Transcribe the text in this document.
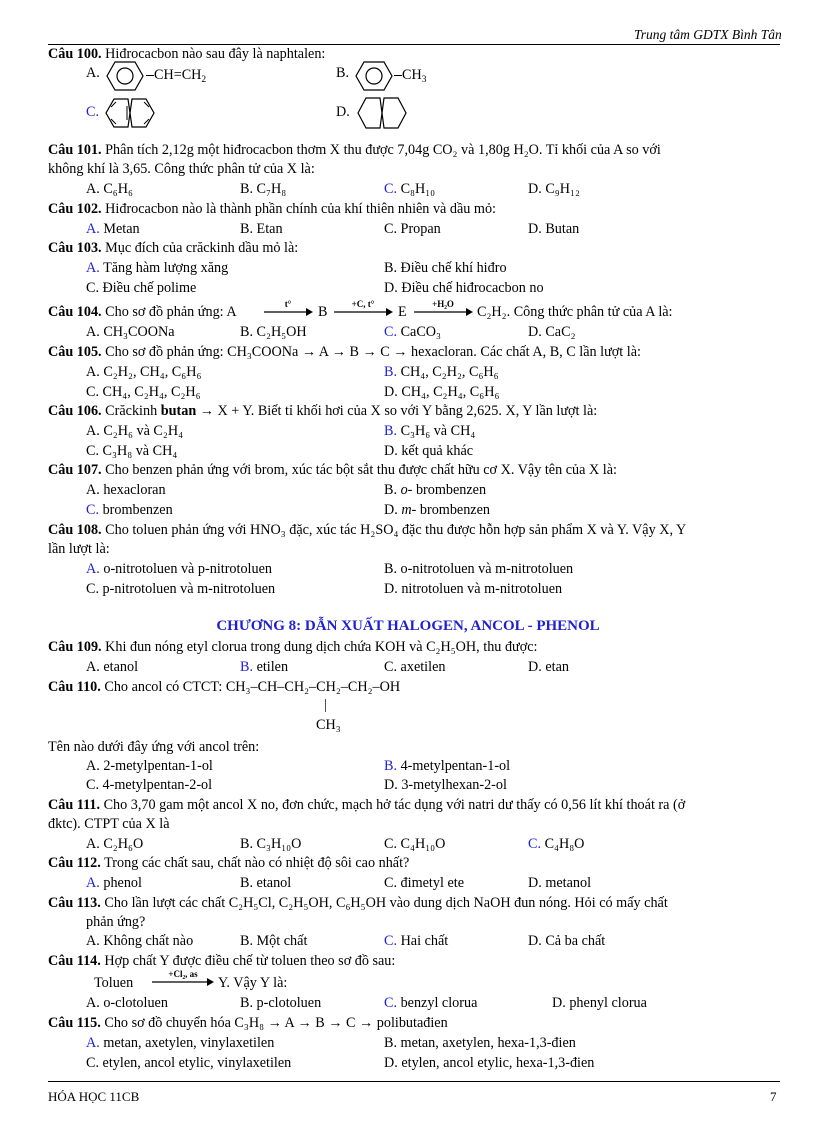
Trung tâm GDTX Bình Tân
Câu 100. Hiđrocacbon nào sau đây là naphtalen:
A.	$CH=CH_2$	B.	$CH_3$
C.	D.
Câu 101. Phân tích 2,12g một hiđrocacbon thơm X thu được 7,04g CO₂ và 1,80g H₂O. Tỉ khối của A so với
không khí là 3,65. Công thức phân tử của X là:
A. C₆H₆	B. C₇H₈	C. C₈H₁₀	D. C₉H₁₂
Câu 102. Hiđrocacbon nào là thành phần chính của khí thiên nhiên và dầu mỏ:
A. Metan	B. Etan	C. Propan	D. Butan
Câu 103. Mục đích của crăckinh dầu mỏ là:
A. Tăng hàm lượng xăng	B. Điều chế khí hiđro
C. Điều chế polime	D. Điều chế hiđrocacbon no
Câu 104. Cho sơ đồ phản ứng: A	t° B	+C, t° E	+H₂O C₂H₂. Công thức phân tử của A là:
A. CH₃COONa	B. C₂H₅OH	C. CaCO₃	D. CaC₂
Câu 105. Cho sơ đồ phản ứng: CH₃COONa → A → B → C → hexacloran. Các chất A, B, C lần lượt là:
A. C₂H₂, CH₄, C₆H₆	B. CH₄, C₂H₂, C₆H₆
C. CH₄, C₂H₄, C₂H₆	D. CH₄, C₂H₄, C₆H₆
Câu 106. Crăckinh butan → X + Y. Biết tỉ khối hơi của X so với Y bằng 2,625. X, Y lần lượt là:
A. C₂H₆ và C₂H₄	B. C₃H₆ và CH₄
C. C₃H₈ và CH₄	D. kết quả khác
Câu 107. Cho benzen phản ứng với brom, xúc tác bột sắt thu được chất hữu cơ X. Vậy tên của X là:
A. hexacloran	B. o- brombenzen
C. brombenzen	D. m- brombenzen
Câu 108. Cho toluen phản ứng với HNO₃ đặc, xúc tác H₂SO₄ đặc thu được hỗn hợp sản phẩm X và Y. Vậy X, Y
lần lượt là:
A. o-nitrotoluen và p-nitrotoluen	B. o-nitrotoluen và m-nitrotoluen
C. p-nitrotoluen và m-nitrotoluen	D. nitrotoluen và m-nitrotoluen
CHƯƠNG 8: DẪN XUẤT HALOGEN, ANCOL - PHENOL
Câu 109. Khi đun nóng etyl clorua trong dung dịch chứa KOH và C₂H₅OH, thu được:
A. etanol	B. etilen	C. axetilen	D. etan
Câu 110. Cho ancol có CTCT: CH₃–CH–CH₂–CH₂–CH₂–OH
|
CH₃
Tên nào dưới đây ứng với ancol trên:
A. 2-metylpentan-1-ol	B. 4-metylpentan-1-ol
C. 4-metylpentan-2-ol	D. 3-metylhexan-2-ol
Câu 111. Cho 3,70 gam một ancol X no, đơn chức, mạch hở tác dụng với natri dư thấy có 0,56 lít khí thoát ra (ở
đktc). CTPT của X là
A. C₂H₆O	B. C₃H₁₀O	C. C₄H₁₀O	C. C₄H₈O
Câu 112. Trong các chất sau, chất nào có nhiệt độ sôi cao nhất?
A. phenol	B. etanol	C. đimetyl ete	D. metanol
Câu 113. Cho lần lượt các chất C₂H₅Cl, C₂H₅OH, C₆H₅OH vào dung dịch NaOH đun nóng. Hỏi có mấy chất
phản ứng?
A. Không chất nào	B. Một chất	C. Hai chất	D. Cả ba chất
Câu 114. Hợp chất Y được điều chế từ toluen theo sơ đồ sau:
Toluen
+Cl₂, as
Y. Vậy Y là:
A. o-clotoluen	B. p-clotoluen	C. benzyl clorua	D. phenyl clorua
Câu 115. Cho sơ đồ chuyển hóa C₃H₈ → A → B → C → polibutađien
A. metan, axetylen, vinylaxetilen	B. metan, axetylen, hexa-1,3-đien
C. etylen, ancol etylic, vinylaxetilen	D. etylen, ancol etylic, hexa-1,3-đien
HÓA HỌC 11CB	7
